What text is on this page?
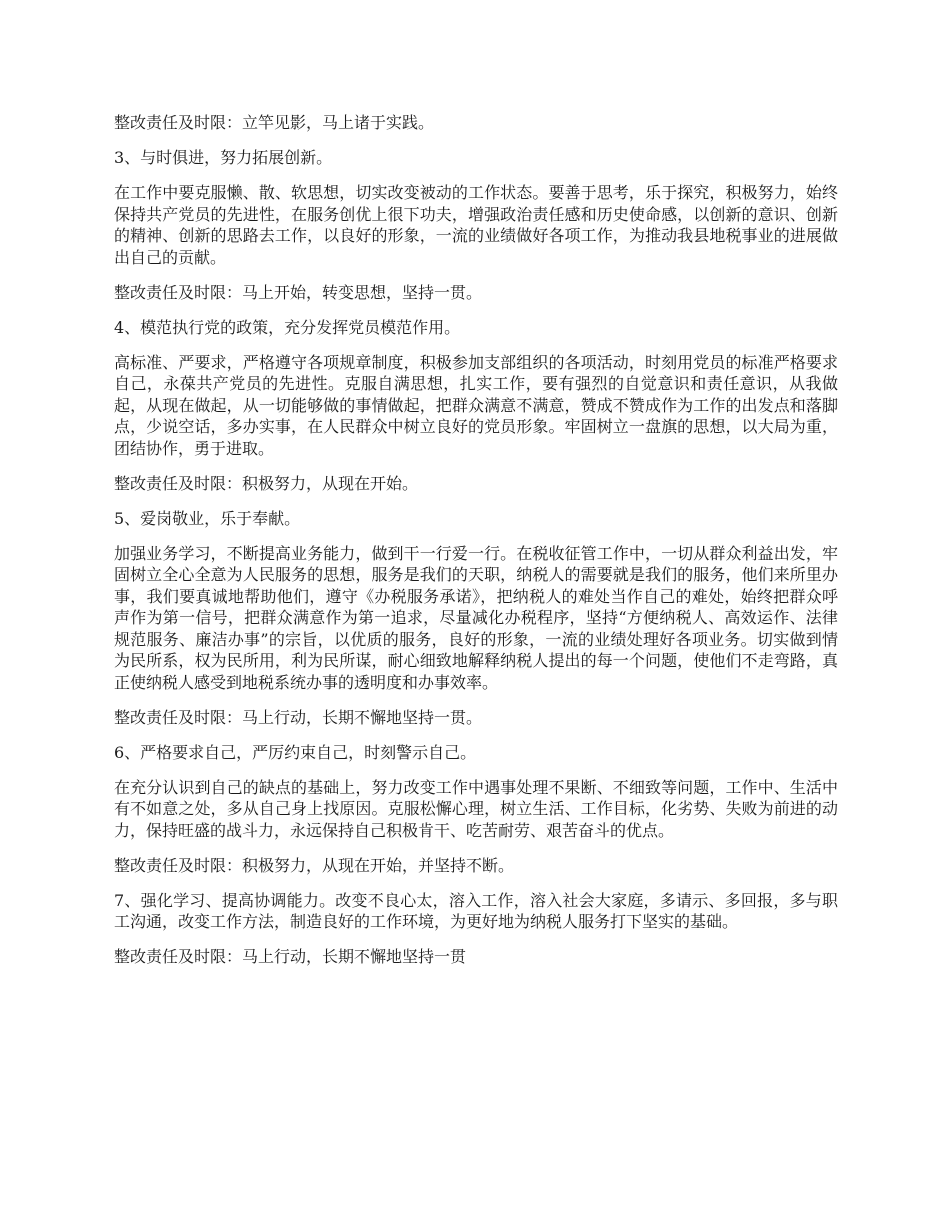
整改责任及时限：立竿见影，马上诸于实践。

3、与时俱进，努力拓展创新。

在工作中要克服懒、散、软思想，切实改变被动的工作状态。要善于思考，乐于探究，积极努力，始终保持共产党员的先进性，在服务创优上很下功夫，增强政治责任感和历史使命感，以创新的意识、创新的精神、创新的思路去工作，以良好的形象，一流的业绩做好各项工作，为推动我县地税事业的进展做出自己的贡献。

整改责任及时限：马上开始，转变思想，坚持一贯。

4、模范执行党的政策，充分发挥党员模范作用。

高标准、严要求，严格遵守各项规章制度，积极参加支部组织的各项活动，时刻用党员的标准严格要求自己，永葆共产党员的先进性。克服自满思想，扎实工作，要有强烈的自觉意识和责任意识，从我做起，从现在做起，从一切能够做的事情做起，把群众满意不满意，赞成不赞成作为工作的出发点和落脚点，少说空话，多办实事，在人民群众中树立良好的党员形象。牢固树立一盘旗的思想，以大局为重，团结协作，勇于进取。

整改责任及时限：积极努力，从现在开始。

5、爱岗敬业，乐于奉献。

加强业务学习，不断提高业务能力，做到干一行爱一行。在税收征管工作中，一切从群众利益出发，牢固树立全心全意为人民服务的思想，服务是我们的天职，纳税人的需要就是我们的服务，他们来所里办事，我们要真诚地帮助他们，遵守《办税服务承诺》，把纳税人的难处当作自己的难处，始终把群众呼声作为第一信号，把群众满意作为第一追求，尽量减化办税程序，坚持“方便纳税人、高效运作、法律规范服务、廉洁办事”的宗旨，以优质的服务，良好的形象，一流的业绩处理好各项业务。切实做到情为民所系，权为民所用，利为民所谋，耐心细致地解释纳税人提出的每一个问题，使他们不走弯路，真正使纳税人感受到地税系统办事的透明度和办事效率。

整改责任及时限：马上行动，长期不懈地坚持一贯。

6、严格要求自己，严厉约束自己，时刻警示自己。

在充分认识到自己的缺点的基础上，努力改变工作中遇事处理不果断、不细致等问题，工作中、生活中有不如意之处，多从自己身上找原因。克服松懈心理，树立生活、工作目标，化劣势、失败为前进的动力，保持旺盛的战斗力，永远保持自己积极肯干、吃苦耐劳、艰苦奋斗的优点。

整改责任及时限：积极努力，从现在开始，并坚持不断。

7、强化学习、提高协调能力。改变不良心太，溶入工作，溶入社会大家庭，多请示、多回报，多与职工沟通，改变工作方法，制造良好的工作环境，为更好地为纳税人服务打下坚实的基础。

整改责任及时限：马上行动，长期不懈地坚持一贯
